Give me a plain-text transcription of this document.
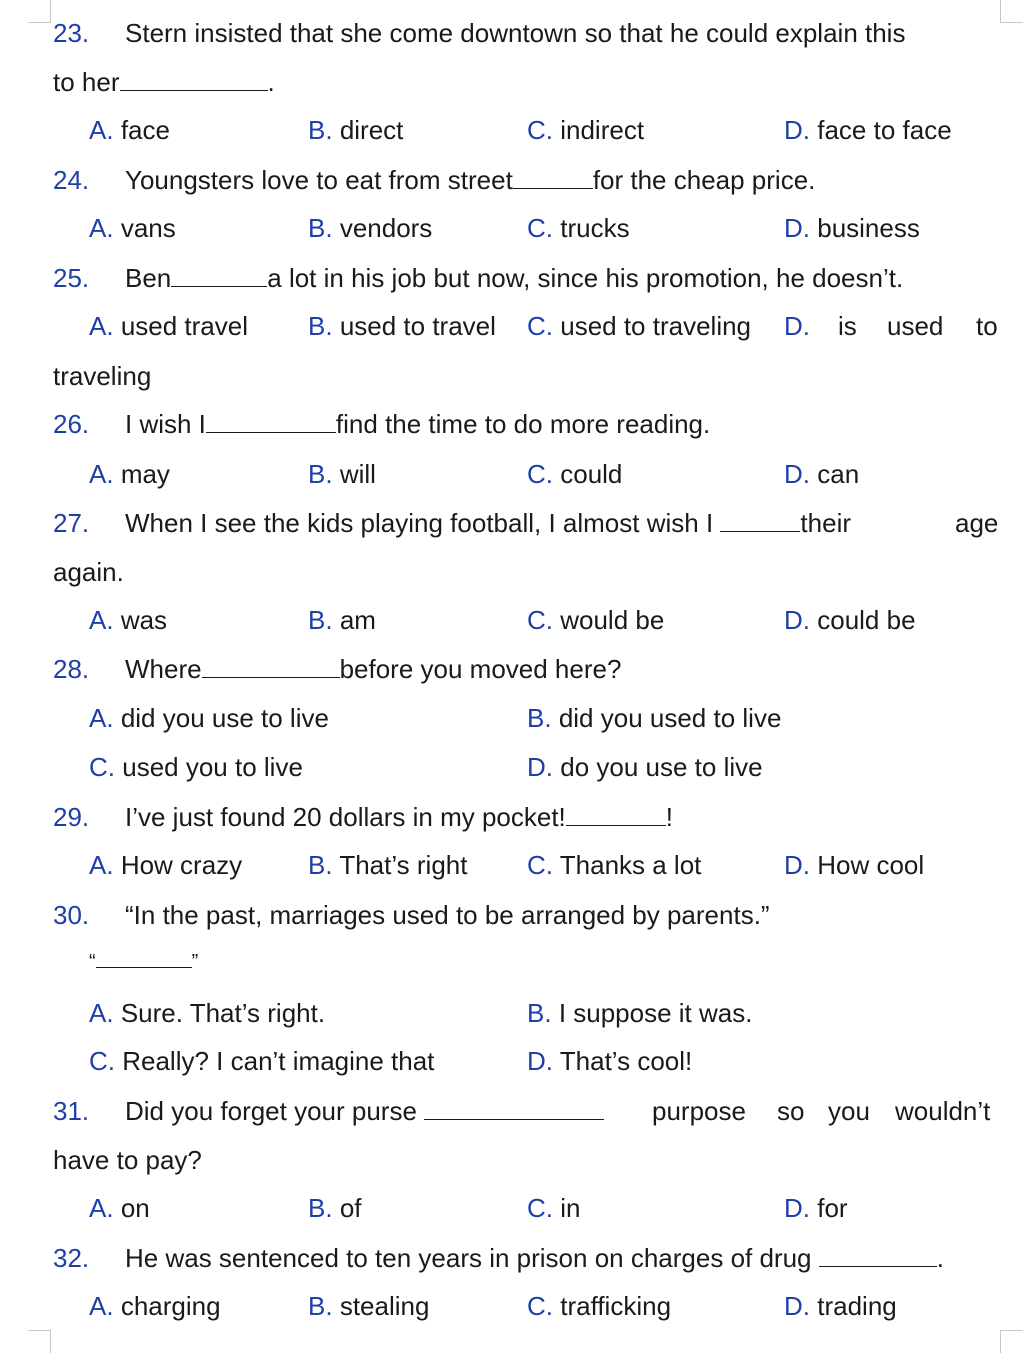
23. Stern insisted that she come downtown so that he could explain this
to her	.
A. face	B. direct	C. indirect	D. face to face
24. Youngsters love to eat from street	for the cheap price.
A. vans	B. vendors	C. trucks	D. business
25. Ben	a lot in his job but now, since his promotion, he doesn’t.
A. used travel B. used to travel C. used to traveling D. is used to
traveling
26. I wish I	find the time to do more reading.
A. may	B. will	C. could	D. can
27. When I see the kids playing football, I almost wish I	their	age
again.
A. was	B. am	C. would be	D. could be
28. Where	before you moved here?
A. did you use to live	B. did you used to live
C. used you to live	D. do you use to live
29. I’ve just found 20 dollars in my pocket!	!
A. How crazy	B. That’s right C. Thanks a lot	D. How cool
30. “In the past, marriages used to be arranged by parents.”
“	”
A. Sure. That’s right.	B. I suppose it was.
C. Really? I can’t imagine that	D. That’s cool!
31. Did you forget your purse	purpose so you wouldn’t
have to pay?
A. on	B. of	C. in	D. for
32. He was sentenced to ten years in prison on charges of drug	.
A. charging	B. stealing	C. trafficking	D. trading
